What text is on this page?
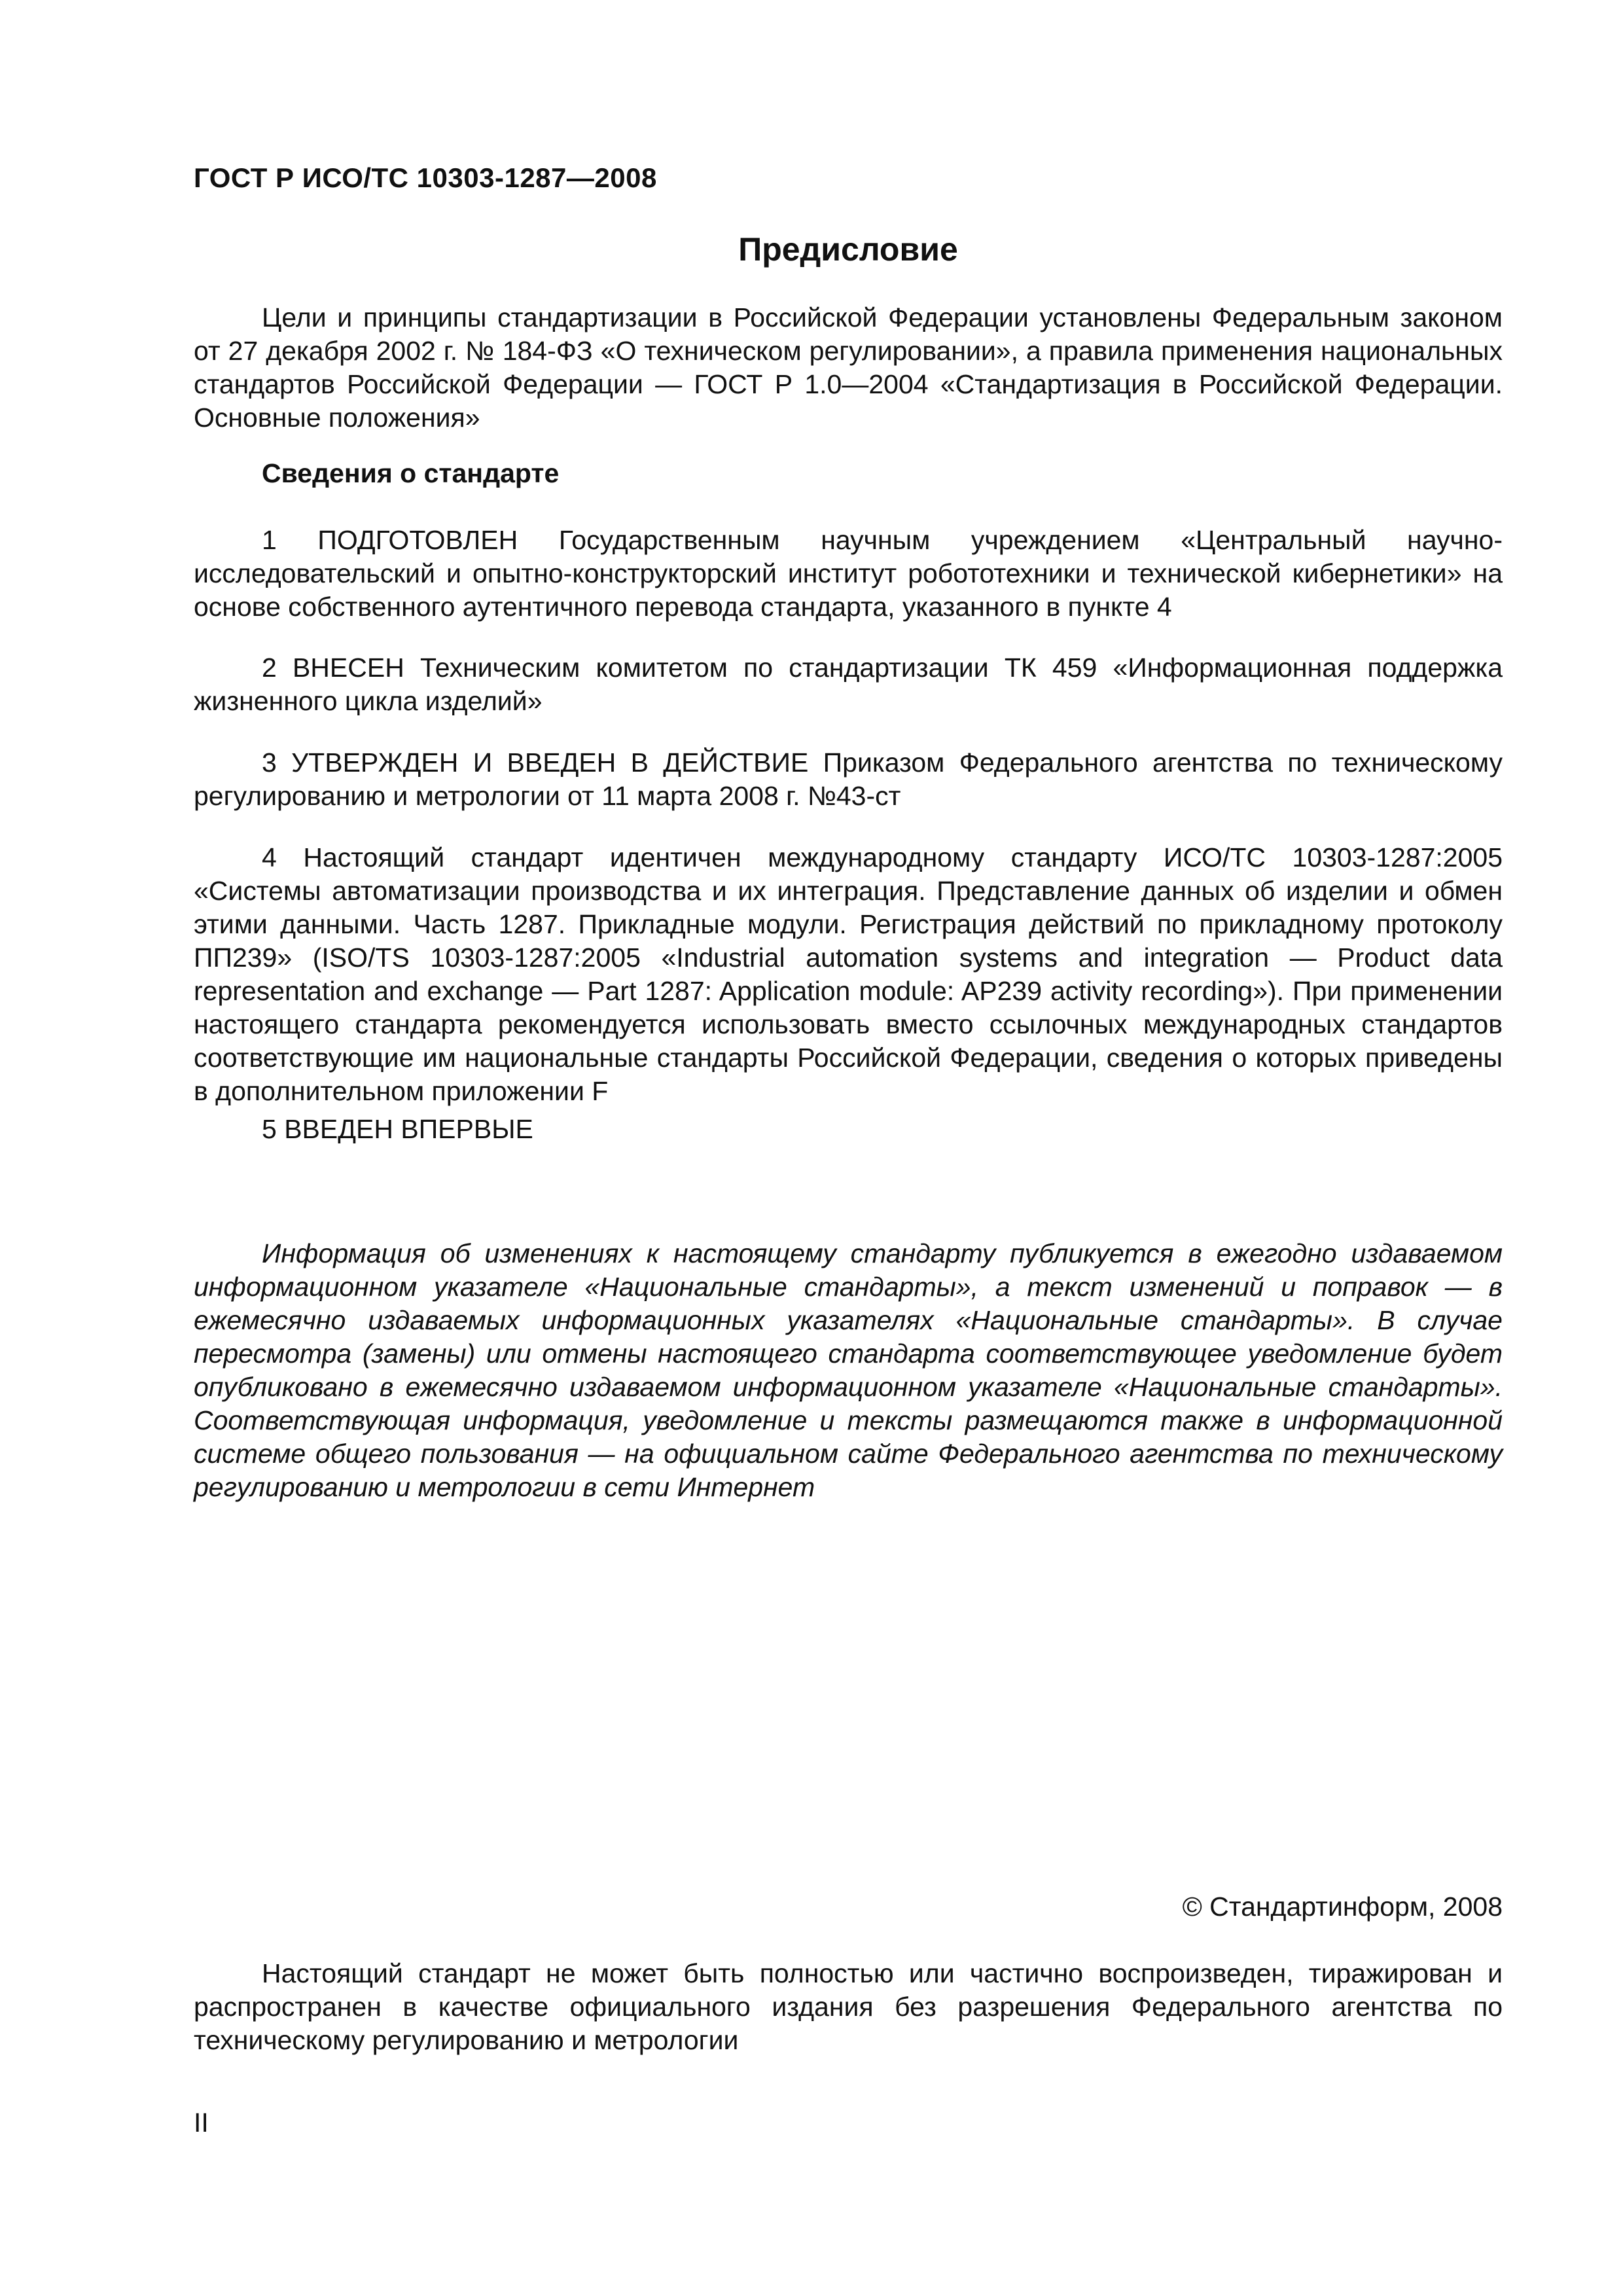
ГОСТ Р ИСО/ТС 10303-1287—2008
Предисловие

Цели и принципы стандартизации в Российской Федерации установлены Федеральным законом от 27 декабря 2002 г. № 184-ФЗ «О техническом регулировании», а правила применения национальных стандартов Российской Федерации — ГОСТ Р 1.0—2004 «Стандартизация в Российской Федерации. Основные положения»

Сведения о стандарте

1 ПОДГОТОВЛЕН Государственным научным учреждением «Центральный научно-исследовательский и опытно-конструкторский институт робототехники и технической кибернетики» на основе собственного аутентичного перевода стандарта, указанного в пункте 4

2 ВНЕСЕН Техническим комитетом по стандартизации ТК 459 «Информационная поддержка жизненного цикла изделий»

3 УТВЕРЖДЕН И ВВЕДЕН В ДЕЙСТВИЕ Приказом Федерального агентства по техническому регулированию и метрологии от 11 марта 2008 г. №43-ст

4 Настоящий стандарт идентичен международному стандарту ИСО/ТС 10303-1287:2005 «Системы автоматизации производства и их интеграция. Представление данных об изделии и обмен этими данными. Часть 1287. Прикладные модули. Регистрация действий по прикладному протоколу ПП239» (ISO/TS 10303-1287:2005 «Industrial automation systems and integration — Product data representation and exchange — Part 1287: Application module: AP239 activity recording»). При применении настоящего стандарта рекомендуется использовать вместо ссылочных международных стандартов соответствующие им национальные стандарты Российской Федерации, сведения о которых приведены в дополнительном приложении F

5 ВВЕДЕН ВПЕРВЫЕ

Информация об изменениях к настоящему стандарту публикуется в ежегодно издаваемом информационном указателе «Национальные стандарты», а текст изменений и поправок — в ежемесячно издаваемых информационных указателях «Национальные стандарты». В случае пересмотра (замены) или отмены настоящего стандарта соответствующее уведомление будет опубликовано в ежемесячно издаваемом информационном указателе «Национальные стандарты». Соответствующая информация, уведомление и тексты размещаются также в информационной системе общего пользования — на официальном сайте Федерального агентства по техническому регулированию и метрологии в сети Интернет

© Стандартинформ, 2008

Настоящий стандарт не может быть полностью или частично воспроизведен, тиражирован и распространен в качестве официального издания без разрешения Федерального агентства по техническому регулированию и метрологии

II
